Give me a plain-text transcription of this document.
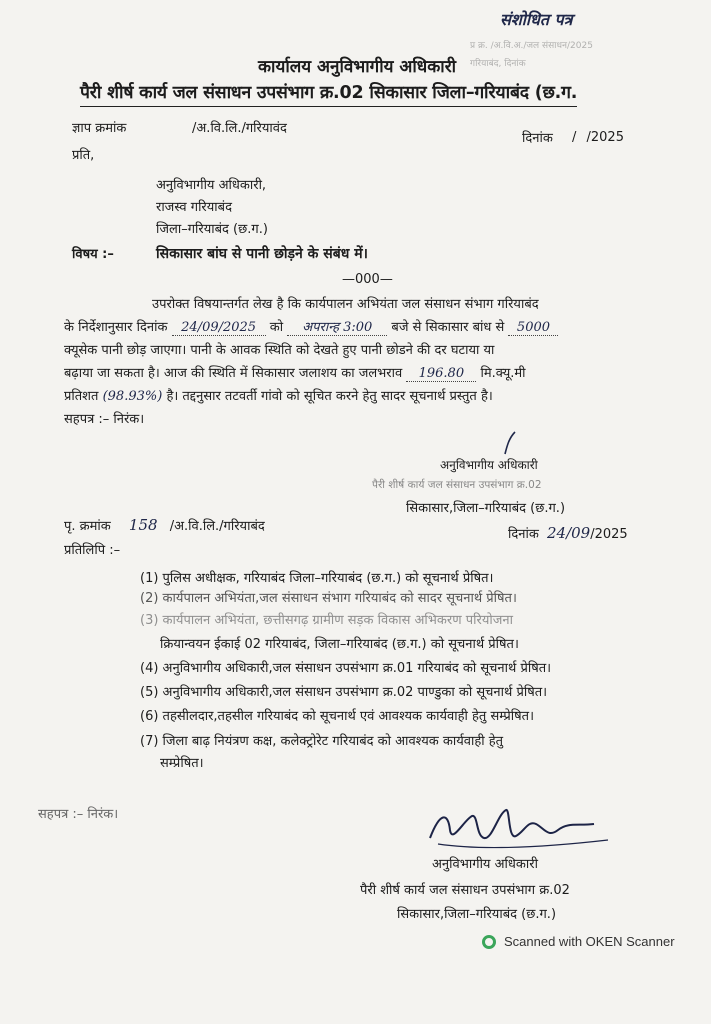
संशोधित पत्र
प्र क्र. /अ.वि.अ./जल संसाधन/2025
गरियाबंद, दिनांक
कार्यालय अनुविभागीय अधिकारी
पैरी शीर्ष कार्य जल संसाधन उपसंभाग क्र.02 सिकासार जिला–गरियाबंद (छ.ग.
ज्ञाप क्रमांक	/अ.वि.लि./गरियावंद
दिनांक / /2025
प्रति,
अनुविभागीय अधिकारी,
राजस्व गरियाबंद
जिला–गरियाबंद (छ.ग.)
विषय :–	सिकासार बांघ से पानी छोड़ने के संबंध में।
—000—
उपरोक्त विषयान्तर्गत लेख है कि कार्यपालन अभियंता जल संसाधन संभाग गरियाबंद
के निर्देशानुसार दिनांक 24/09/2025 को अपरान्ह 3:00 बजे से सिकासार बांध से 5000
क्यूसेक पानी छोड़ जाएगा। पानी के आवक स्थिति को देखते हुए पानी छोडने की दर घटाया या
बढ़ाया जा सकता है। आज की स्थिति में सिकासार जलाशय का जलभराव 196.80 मि.क्यू.मी
प्रतिशत (98.93%) है। तद्दनुसार तटवर्ती गांवो को सूचित करने हेतु सादर सूचनार्थ प्रस्तुत है।
सहपत्र :– निरंक।
अनुविभागीय अधिकारी
पैरी शीर्ष कार्य जल संसाधन उपसंभाग क्र.02
सिकासार,जिला–गरियाबंद (छ.ग.)
पृ. क्रमांक 158 /अ.वि.लि./गरियाबंद
दिनांक 24/09/2025
प्रतिलिपि :–
(1) पुलिस अधीक्षक, गरियाबंद जिला–गरियाबंद (छ.ग.) को सूचनार्थ प्रेषित।
(2) कार्यपालन अभियंता,जल संसाधन संभाग गरियाबंद को सादर सूचनार्थ प्रेषित।
(3) कार्यपालन अभियंता, छत्तीसगढ़ ग्रामीण सड़क विकास अभिकरण परियोजना
क्रियान्वयन ईकाई 02 गरियाबंद, जिला–गरियाबंद (छ.ग.) को सूचनार्थ प्रेषित।
(4) अनुविभागीय अधिकारी,जल संसाधन उपसंभाग क्र.01 गरियाबंद को सूचनार्थ प्रेषित।
(5) अनुविभागीय अधिकारी,जल संसाधन उपसंभाग क्र.02 पाण्डुका को सूचनार्थ प्रेषित।
(6) तहसीलदार,तहसील गरियाबंद को सूचनार्थ एवं आवश्यक कार्यवाही हेतु सम्प्रेषित।
(7) जिला बाढ़ नियंत्रण कक्ष, कलेक्ट्रोरेट गरियाबंद को आवश्यक कार्यवाही हेतु
सम्प्रेषित।
सहपत्र :– निरंक।
अनुविभागीय अधिकारी
पैरी शीर्ष कार्य जल संसाधन उपसंभाग क्र.02
सिकासार,जिला–गरियाबंद (छ.ग.)
Scanned with OKEN Scanner
